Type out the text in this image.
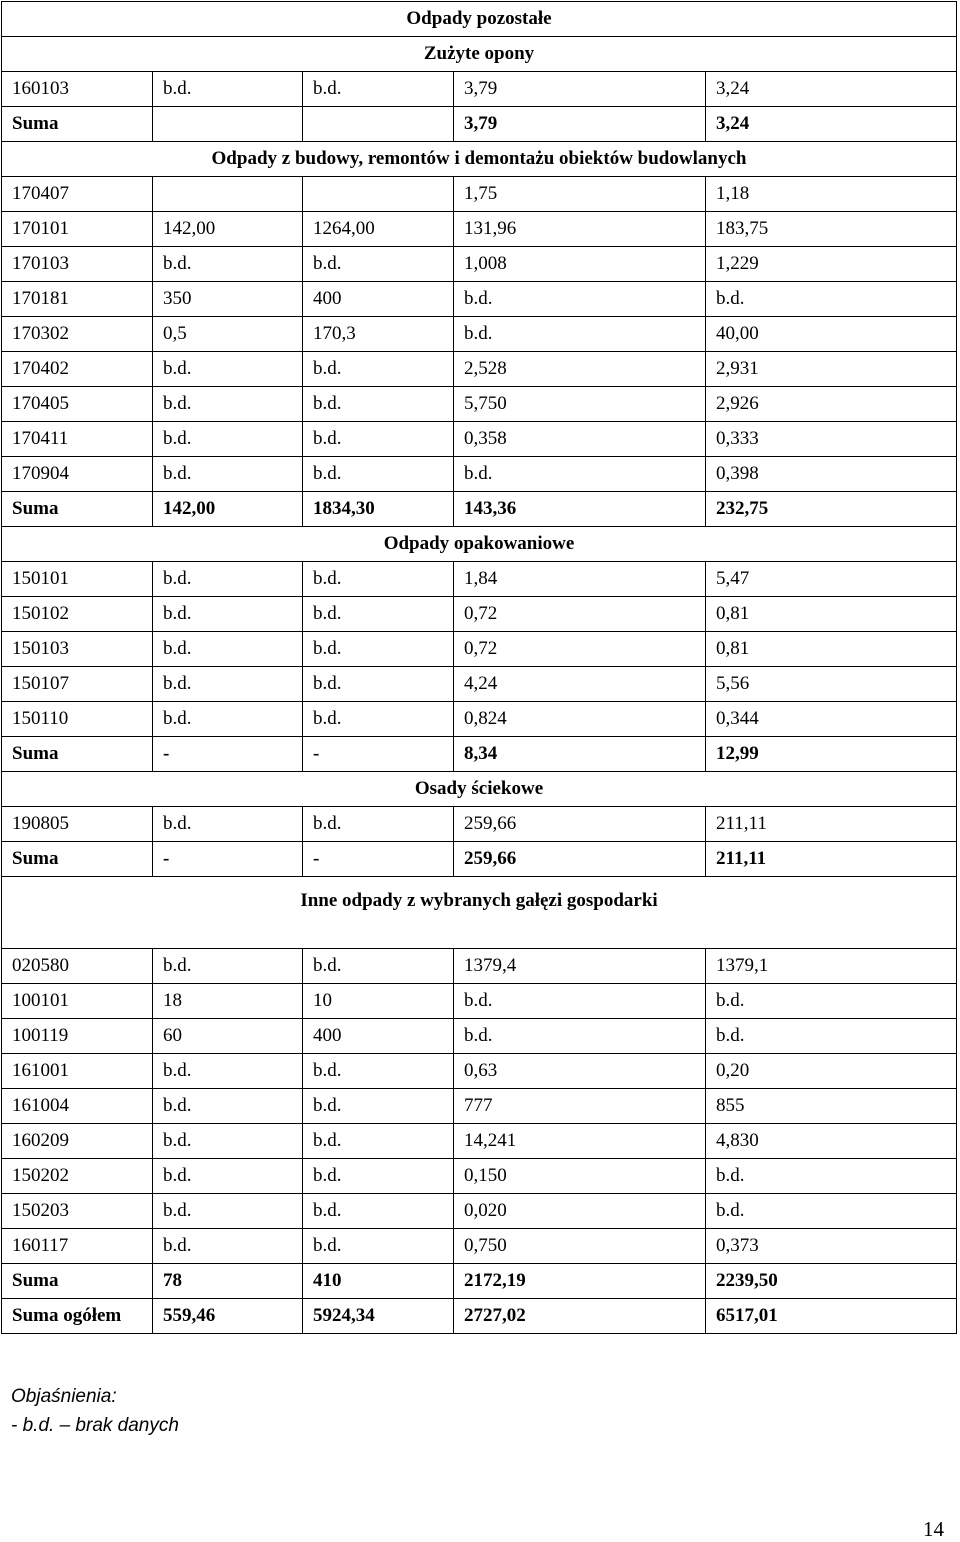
Odpady pozostałe				
Zużyte opony				
160103	b.d.	b.d.	3,79	3,24
Suma			3,79	3,24
Odpady z budowy, remontów i demontażu obiektów budowlanych				
170407			1,75	1,18
170101	142,00	1264,00	131,96	183,75
170103	b.d.	b.d.	1,008	1,229
170181	350	400	b.d.	b.d.
170302	0,5	170,3	b.d.	40,00
170402	b.d.	b.d.	2,528	2,931
170405	b.d.	b.d.	5,750	2,926
170411	b.d.	b.d.	0,358	0,333
170904	b.d.	b.d.	b.d.	0,398
Suma	142,00	1834,30	143,36	232,75
Odpady opakowaniowe				
150101	b.d.	b.d.	1,84	5,47
150102	b.d.	b.d.	0,72	0,81
150103	b.d.	b.d.	0,72	0,81
150107	b.d.	b.d.	4,24	5,56
150110	b.d.	b.d.	0,824	0,344
Suma	-	-	8,34	12,99
Osady ściekowe				
190805	b.d.	b.d.	259,66	211,11
Suma	-	-	259,66	211,11
Inne odpady z wybranych gałęzi gospodarki				
020580	b.d.	b.d.	1379,4	1379,1
100101	18	10	b.d.	b.d.
100119	60	400	b.d.	b.d.
161001	b.d.	b.d.	0,63	0,20
161004	b.d.	b.d.	777	855
160209	b.d.	b.d.	14,241	4,830
150202	b.d.	b.d.	0,150	b.d.
150203	b.d.	b.d.	0,020	b.d.
160117	b.d.	b.d.	0,750	0,373
Suma	78	410	2172,19	2239,50
Suma ogółem	559,46	5924,34	2727,02	6517,01
Objaśnienia:
- b.d. – brak danych
14
